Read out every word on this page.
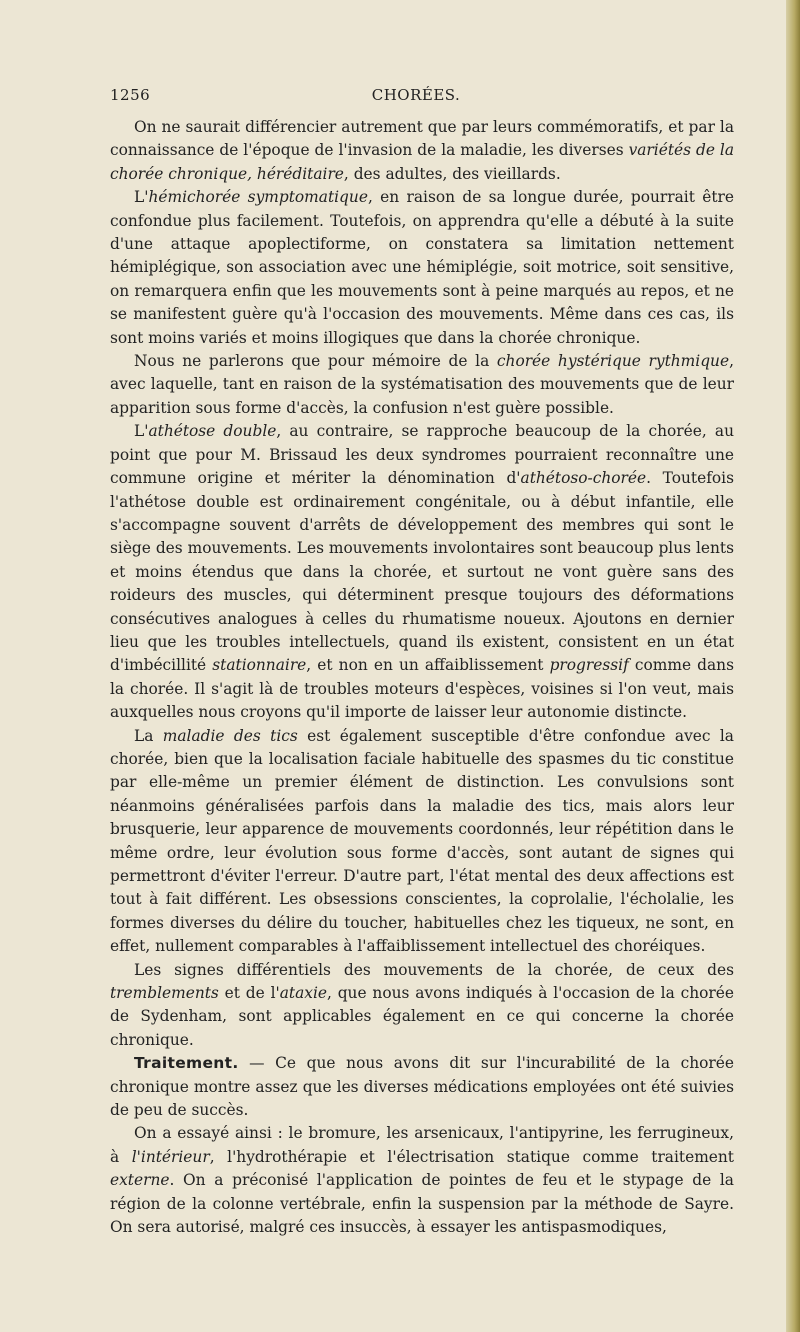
1256	CHORÉES.

On ne saurait différencier autrement que par leurs commémoratifs, et par la connaissance de l'époque de l'invasion de la maladie, les diverses variétés de la chorée chronique, héréditaire, des adultes, des vieillards.

L'hémichorée symptomatique, en raison de sa longue durée, pourrait être confondue plus facilement. Toutefois, on apprendra qu'elle a débuté à la suite d'une attaque apoplectiforme, on constatera sa limitation nettement hémiplégique, son association avec une hémiplégie, soit motrice, soit sensitive, on remarquera enfin que les mouvements sont à peine marqués au repos, et ne se manifestent guère qu'à l'occasion des mouvements. Même dans ces cas, ils sont moins variés et moins illogiques que dans la chorée chronique.

Nous ne parlerons que pour mémoire de la chorée hystérique rythmique, avec laquelle, tant en raison de la systématisation des mouvements que de leur apparition sous forme d'accès, la confusion n'est guère possible.

L'athétose double, au contraire, se rapproche beaucoup de la chorée, au point que pour M. Brissaud les deux syndromes pourraient reconnaître une commune origine et mériter la dénomination d'athétoso-chorée. Toutefois l'athétose double est ordinairement congénitale, ou à début infantile, elle s'accompagne souvent d'arrêts de développement des membres qui sont le siège des mouvements. Les mouvements involontaires sont beaucoup plus lents et moins étendus que dans la chorée, et surtout ne vont guère sans des roideurs des muscles, qui déterminent presque toujours des déformations consécutives analogues à celles du rhumatisme noueux. Ajoutons en dernier lieu que les troubles intellectuels, quand ils existent, consistent en un état d'imbécillité stationnaire, et non en un affaiblissement progressif comme dans la chorée. Il s'agit là de troubles moteurs d'espèces, voisines si l'on veut, mais auxquelles nous croyons qu'il importe de laisser leur autonomie distincte.

La maladie des tics est également susceptible d'être confondue avec la chorée, bien que la localisation faciale habituelle des spasmes du tic constitue par elle-même un premier élément de distinction. Les convulsions sont néanmoins généralisées parfois dans la maladie des tics, mais alors leur brusquerie, leur apparence de mouvements coordonnés, leur répétition dans le même ordre, leur évolution sous forme d'accès, sont autant de signes qui permettront d'éviter l'erreur. D'autre part, l'état mental des deux affections est tout à fait différent. Les obsessions conscientes, la coprolalie, l'écholalie, les formes diverses du délire du toucher, habituelles chez les tiqueux, ne sont, en effet, nullement comparables à l'affaiblissement intellectuel des choréiques.

Les signes différentiels des mouvements de la chorée, de ceux des tremblements et de l'ataxie, que nous avons indiqués à l'occasion de la chorée de Sydenham, sont applicables également en ce qui concerne la chorée chronique.

Traitement. — Ce que nous avons dit sur l'incurabilité de la chorée chronique montre assez que les diverses médications employées ont été suivies de peu de succès.

On a essayé ainsi : le bromure, les arsenicaux, l'antipyrine, les ferrugineux, à l'intérieur, l'hydrothérapie et l'électrisation statique comme traitement externe. On a préconisé l'application de pointes de feu et le stypage de la région de la colonne vertébrale, enfin la suspension par la méthode de Sayre. On sera autorisé, malgré ces insuccès, à essayer les antispasmodiques,
